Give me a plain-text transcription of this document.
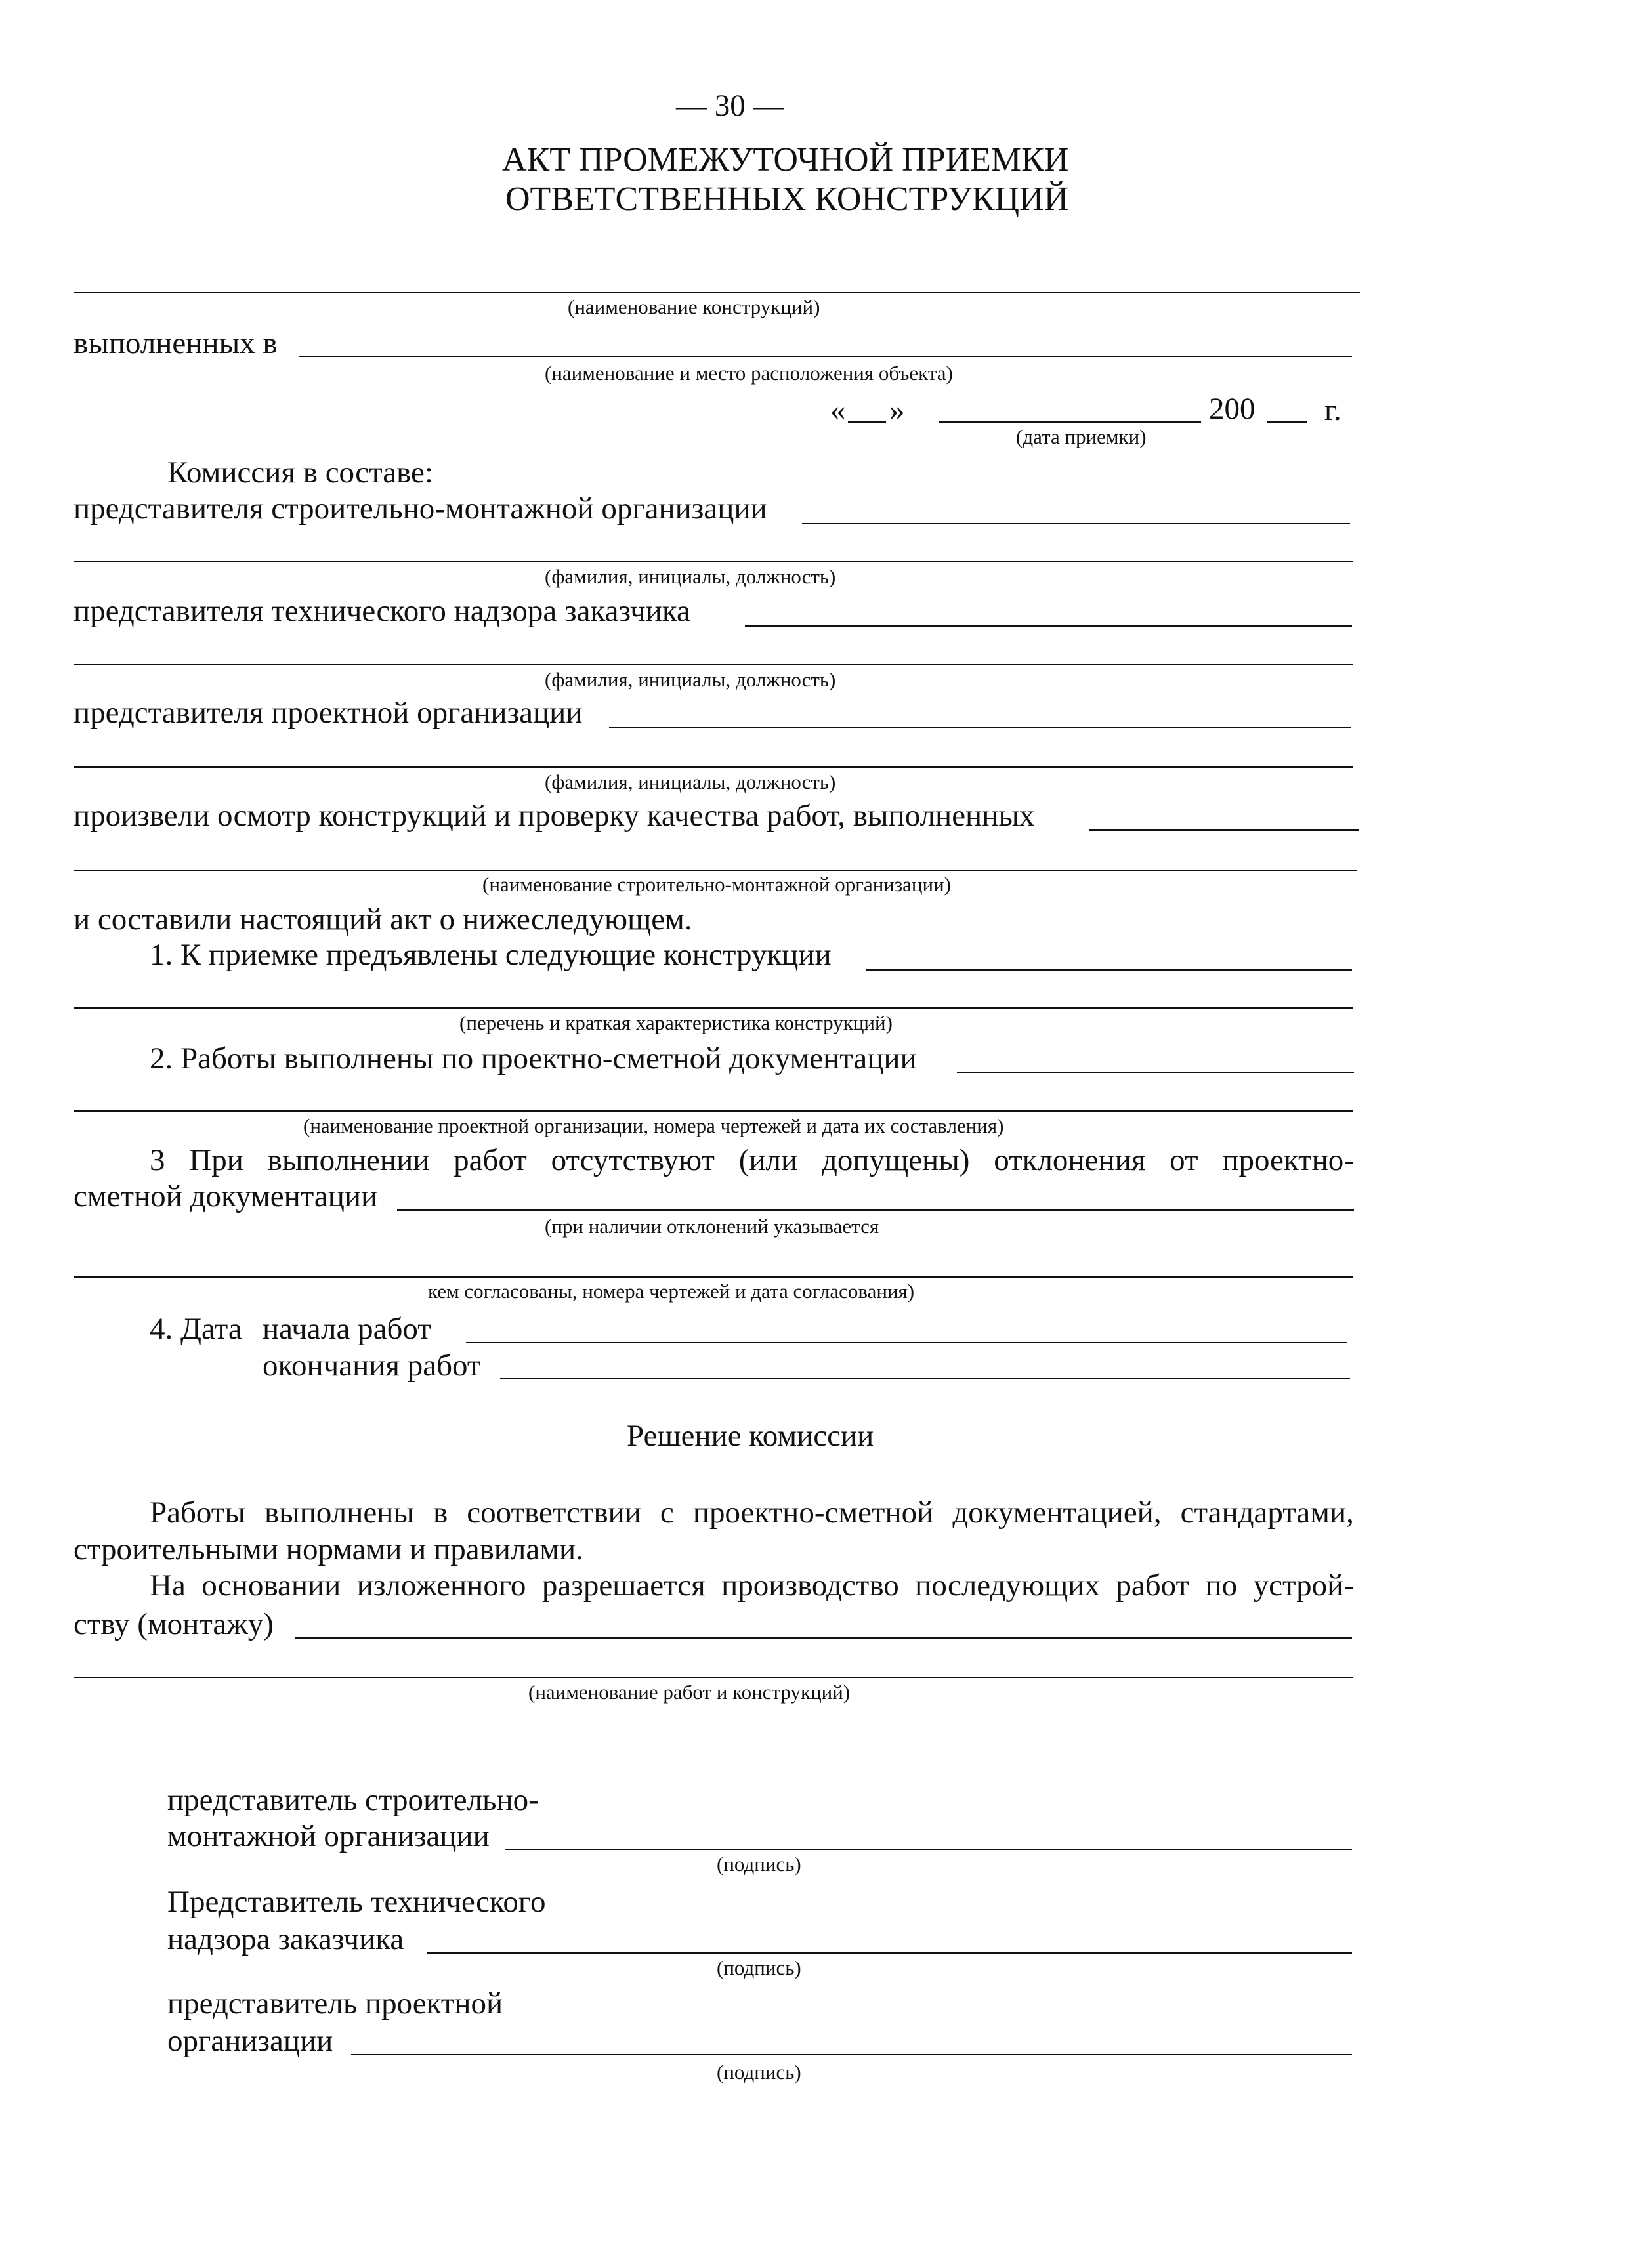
— 30 —
АКТ ПРОМЕЖУТОЧНОЙ ПРИЕМКИ
ОТВЕТСТВЕННЫХ КОНСТРУКЦИЙ
(наименование конструкций)
выполненных в
(наименование и место расположения объекта)
« »	200 г.
(дата приемки)
Комиссия в составе:
представителя строительно-монтажной организации
(фамилия, инициалы, должность)
представителя технического надзора заказчика
(фамилия, инициалы, должность)
представителя проектной организации
(фамилия, инициалы, должность)
произвели осмотр конструкций и проверку качества работ, выполненных
(наименование строительно-монтажной организации)
и составили настоящий акт о нижеследующем.
1. К приемке предъявлены следующие конструкции
(перечень и краткая характеристика конструкций)
2. Работы выполнены по проектно-сметной документации
(наименование проектной организации, номера чертежей и дата их составления)
3 При выполнении работ отсутствуют (или допущены) отклонения от проектно-
сметной документации
(при наличии отклонений указывается
кем согласованы, номера чертежей и дата согласования)
4. Дата начала работ
окончания работ
Решение комиссии
Работы выполнены в соответствии с проектно-сметной документацией, стандартами,
строительными нормами и правилами.
На основании изложенного разрешается производство последующих работ по устрой-
ству (монтажу)
(наименование работ и конструкций)
представитель строительно-
монтажной организации
(подпись)
Представитель технического
надзора заказчика
(подпись)
представитель проектной
организации
(подпись)
